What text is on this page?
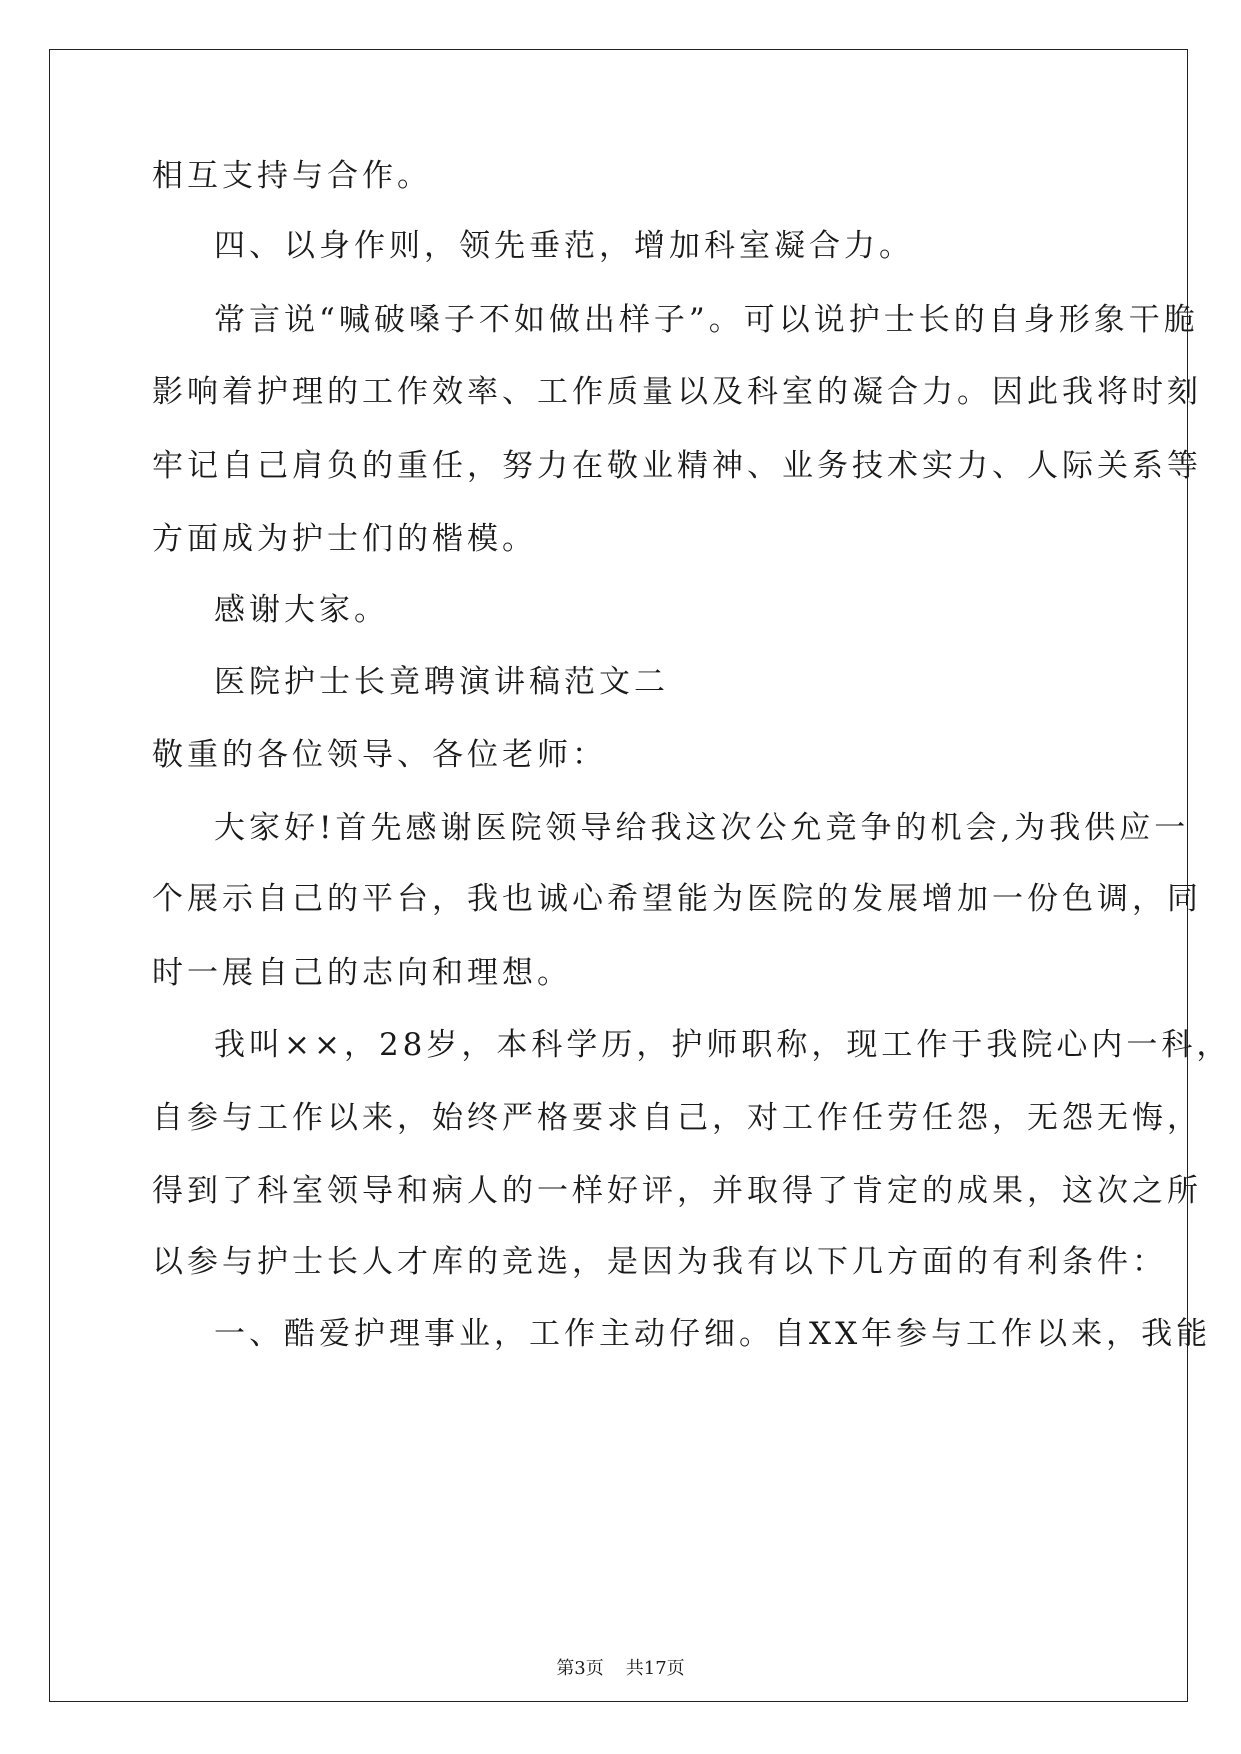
相互支持与合作。
四、以身作则，领先垂范，增加科室凝合力。
常言说“喊破嗓子不如做出样子”。可以说护士长的自身形象干脆
影响着护理的工作效率、工作质量以及科室的凝合力。因此我将时刻
牢记自己肩负的重任，努力在敬业精神、业务技术实力、人际关系等
方面成为护士们的楷模。
感谢大家。
医院护士长竟聘演讲稿范文二
敬重的各位领导、各位老师：
大家好!首先感谢医院领导给我这次公允竞争的机会,为我供应一
个展示自己的平台，我也诚心希望能为医院的发展增加一份色调，同
时一展自己的志向和理想。
我叫××，28岁，本科学历，护师职称，现工作于我院心内一科，
自参与工作以来，始终严格要求自己，对工作任劳任怨，无怨无悔，
得到了科室领导和病人的一样好评，并取得了肯定的成果，这次之所
以参与护士长人才库的竞选，是因为我有以下几方面的有利条件：
一、酷爱护理事业，工作主动仔细。自XX年参与工作以来，我能
第3页 共17页
